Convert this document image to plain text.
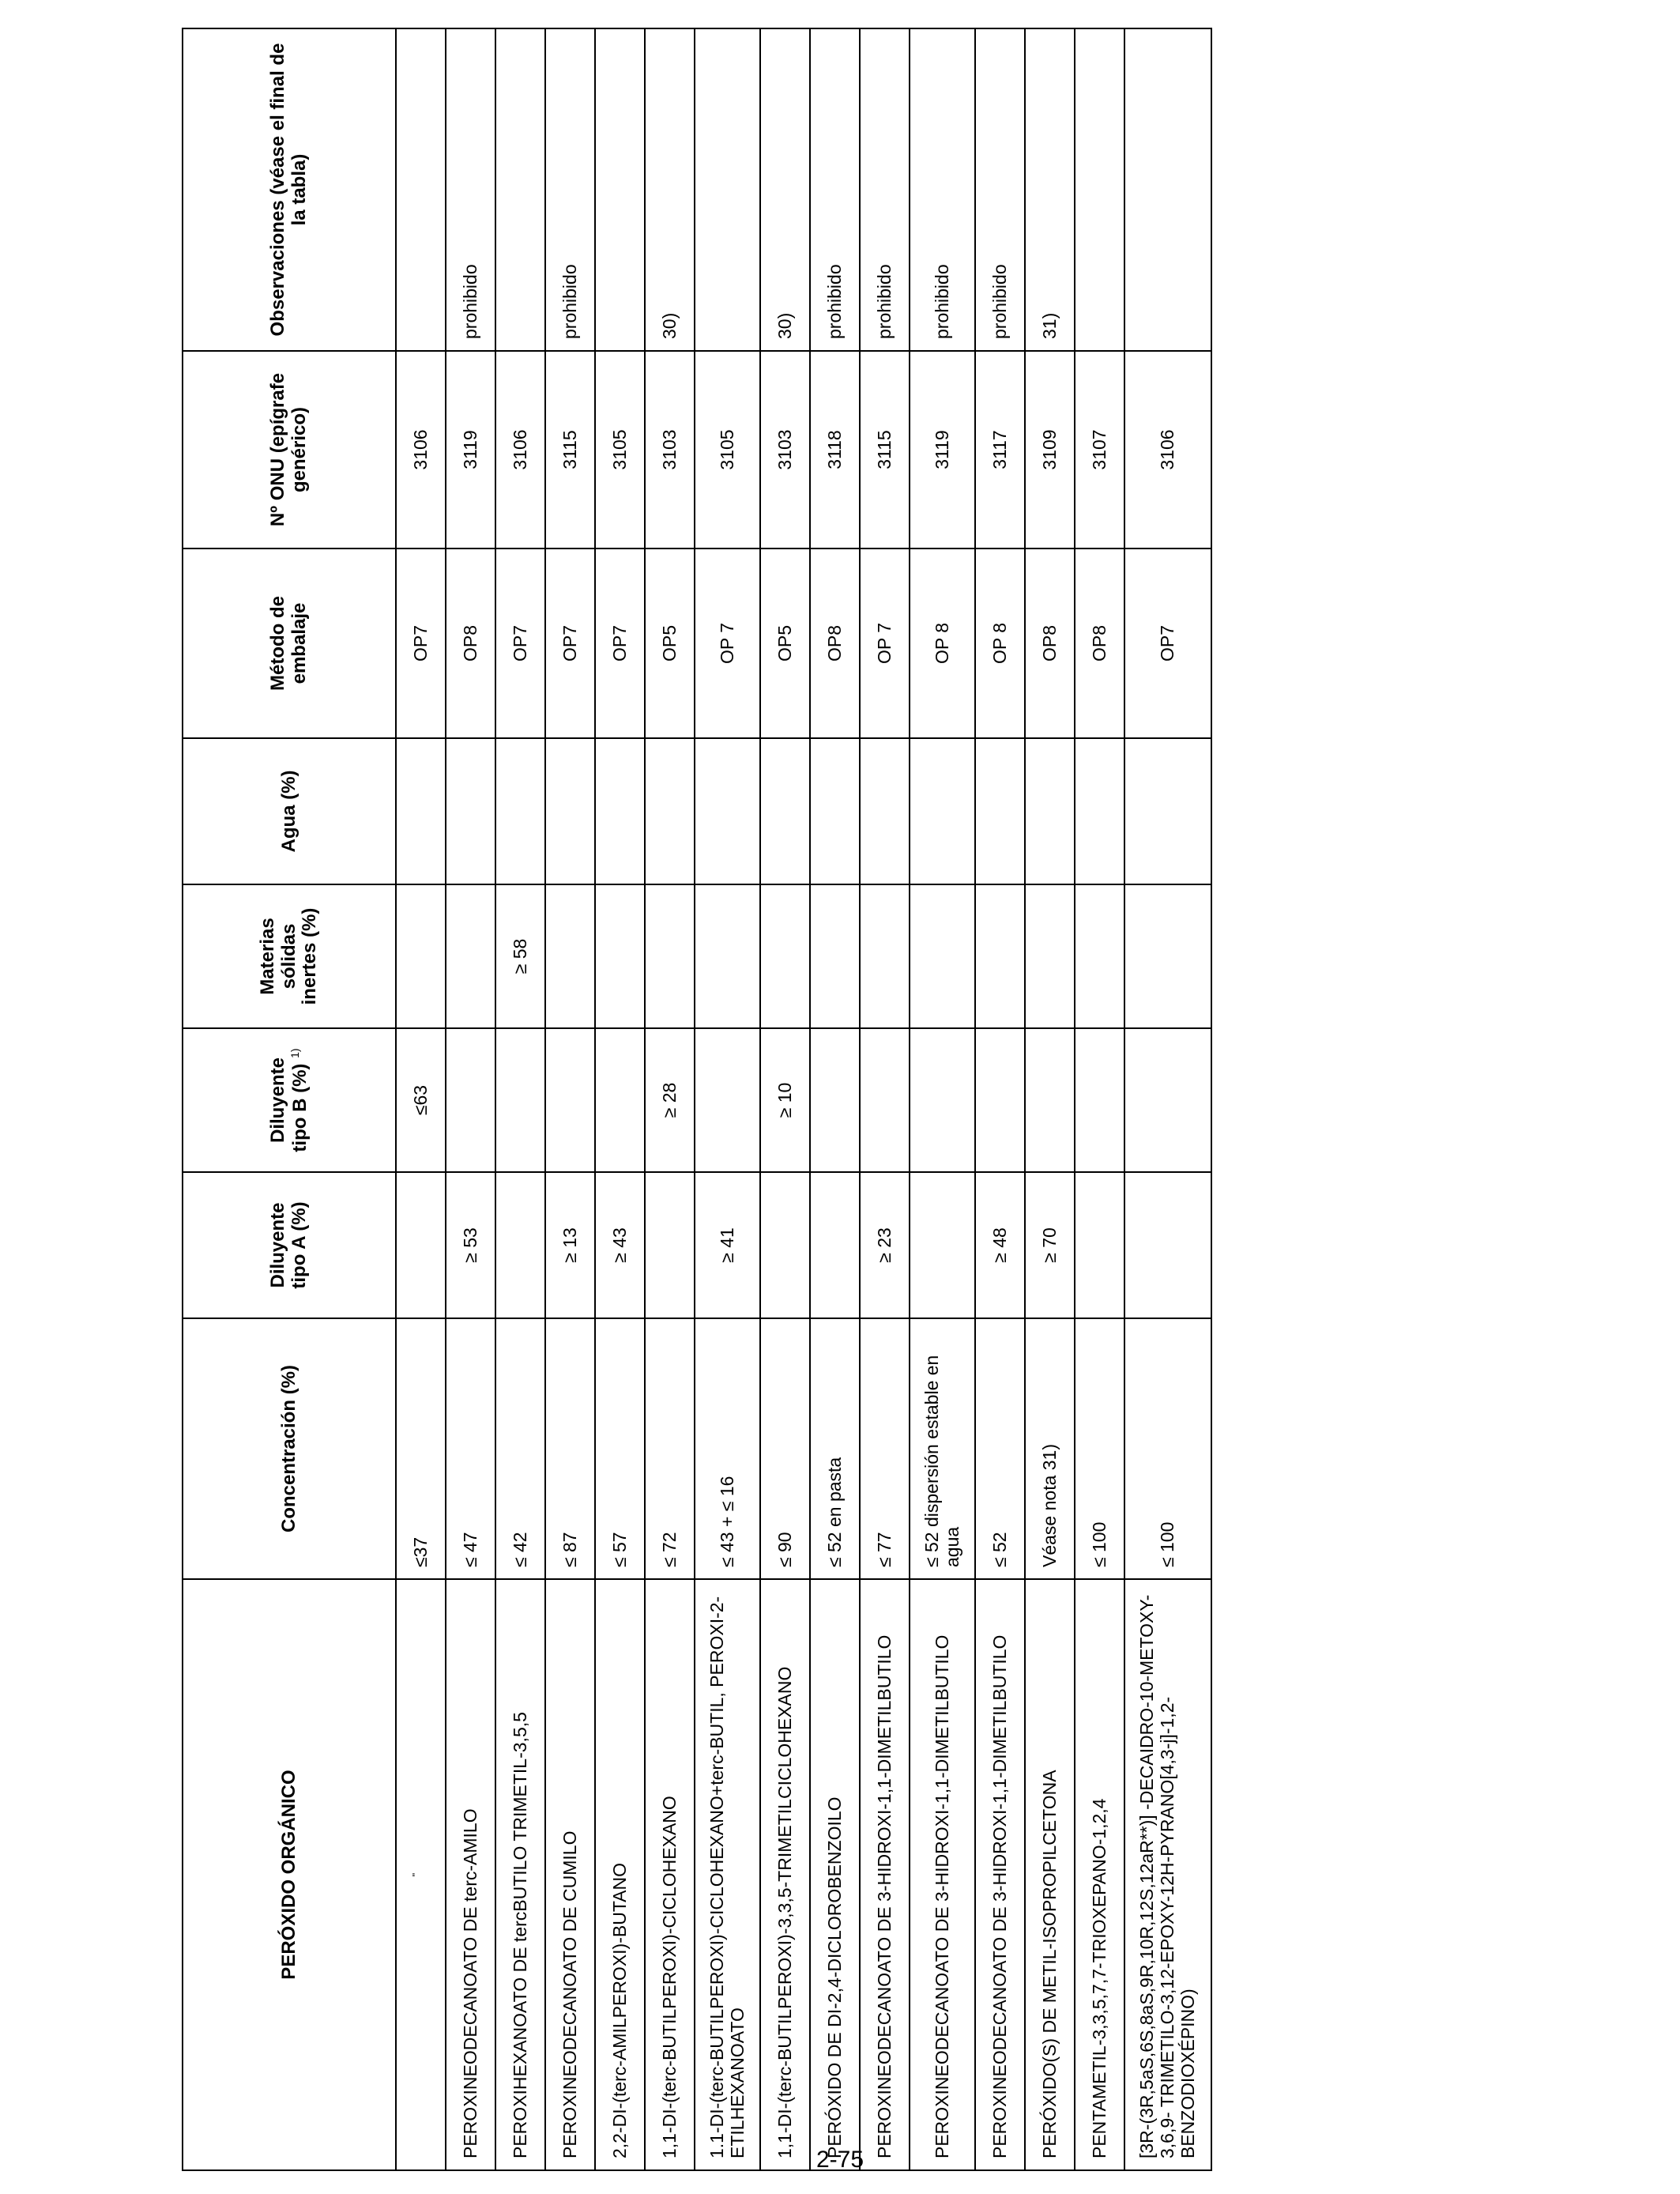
PERÓXIDO ORGÁNICO	Concentración (%)	Diluyente tipo A (%)	Diluyente tipo B (%) $^{1)}$	Materias sólidas inertes (%)	Agua (%)	Método de embalaje	Nº ONU (epígrafe genérico)	Observaciones (véase el final de la tabla)
"	≤37		≤63			OP7	3106	
PEROXINEODECANOATO DE terc-AMILO	≤ 47	≥ 53				OP8	3119	prohibido
PEROXIHEXANOATO DE tercBUTILO TRIMETIL-3,5,5	≤ 42			≥ 58		OP7	3106	
PEROXINEODECANOATO DE CUMILO	≤ 87	≥ 13				OP7	3115	prohibido
2,2-DI-(terc-AMILPEROXI)-BUTANO	≤ 57	≥ 43				OP7	3105	
1,1-DI-(terc-BUTILPEROXI)-CICLOHEXANO	≤ 72		≥ 28			OP5	3103	30)
1.1-DI-(terc-BUTILPEROXI)-CICLOHEXANO+terc-BUTIL, PEROXI-2-ETILHEXANOATO	≤ 43 + ≤ 16	≥ 41				OP 7	3105	
1,1-DI-(terc-BUTILPEROXI)-3,3,5-TRIMETILCICLOHEXANO	≤ 90		≥ 10			OP5	3103	30)
PERÓXIDO DE DI-2,4-DICLOROBENZOILO	≤ 52 en pasta					OP8	3118	prohibido
PEROXINEODECANOATO DE 3-HIDROXI-1,1-DIMETILBUTILO	≤ 77	≥ 23				OP 7	3115	prohibido
PEROXINEODECANOATO DE 3-HIDROXI-1,1-DIMETILBUTILO	≤ 52 dispersión estable en agua					OP 8	3119	prohibido
PEROXINEODECANOATO DE 3-HIDROXI-1,1-DIMETILBUTILO	≤ 52	≥ 48				OP 8	3117	prohibido
PERÓXIDO(S) DE METIL-ISOPROPILCETONA	Véase nota 31)	≥ 70				OP8	3109	31)
PENTAMETIL-3,3,5,7,7-TRIOXEPANO-1,2,4	≤ 100					OP8	3107	
[3R-(3R,5aS,6S,8aS,9R,10R,12S,12aR**)] -DECAIDRO-10-METOXY-3,6,9- TRIMETILO-3,12-EPOXY-12H-PYRANO[4,3-j]-1,2- BENZODIOXÉPINO)	≤ 100					OP7	3106	
2-75
